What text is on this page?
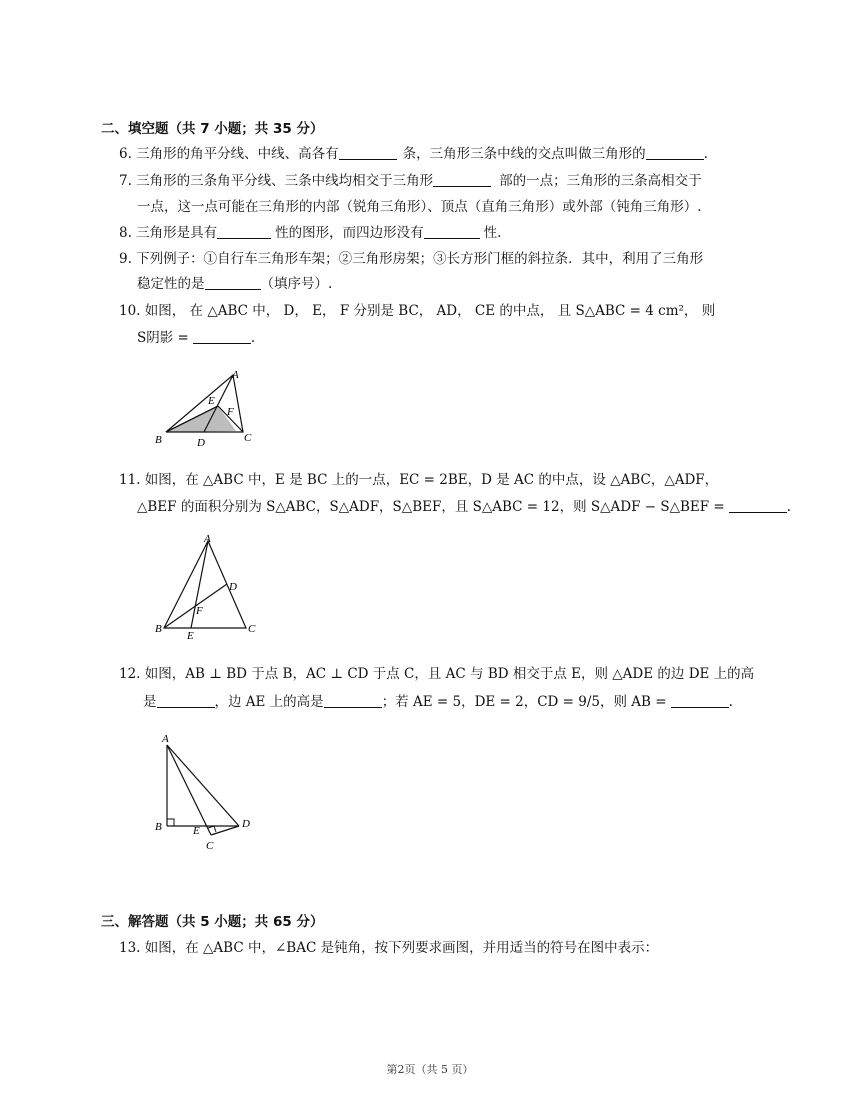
二、填空题（共 7 小题；共 35 分）
6. 三角形的角平分线、中线、高各有	条，三角形三条中线的交点叫做三角形的	.
7. 三角形的三条角平分线、三条中线均相交于三角形	部的一点；三角形的三条高相交于
一点，这一点可能在三角形的内部（锐角三角形）、顶点（直角三角形）或外部（钝角三角形）.
8. 三角形是具有	性的图形，而四边形没有	性.
9. 下列例子：①自行车三角形车架；②三角形房架；③长方形门框的斜拉条．其中，利用了三角形
稳定性的是	（填序号）.
10. 如图， 在 △ABC 中， D， E， F 分别是 BC， AD， CE 的中点， 且 S△ABC = 4 cm²， 则
S阴影 =	.
A
E
F
B	D	C
11. 如图，在 △ABC 中，E 是 BC 上的一点，EC = 2BE，D 是 AC 的中点，设 △ABC，△ADF，
△BEF 的面积分别为 S△ABC，S△ADF，S△BEF，且 S△ABC = 12，则 S△ADF − S△BEF =	.
A
D
F
B
E
C
12. 如图，AB ⊥ BD 于点 B，AC ⊥ CD 于点 C，且 AC 与 BD 相交于点 E，则 △ADE 的边 DE 上的高
是	，边 AE 上的高是	；若 AE = 5，DE = 2，CD = 9/5，则 AB =	.
A
B	E
D
C
三、解答题（共 5 小题；共 65 分）
13. 如图，在 △ABC 中，∠BAC 是钝角，按下列要求画图，并用适当的符号在图中表示：
第2页（共 5 页）
